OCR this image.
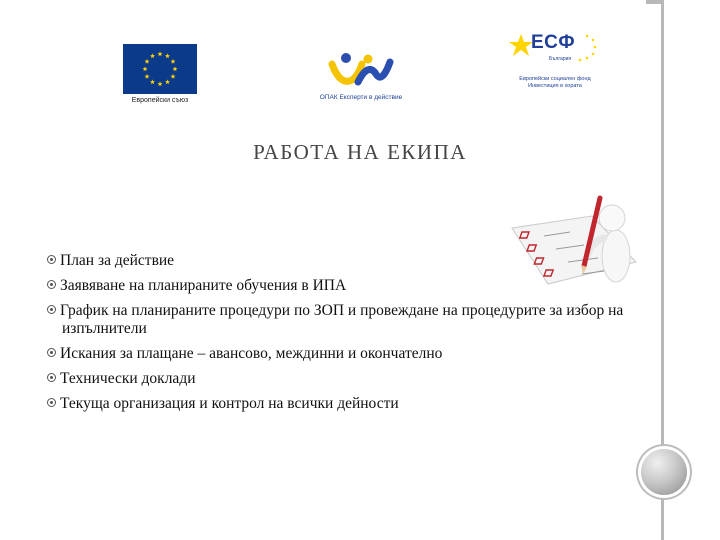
Европейски съюз	ОПАК Експерти в действие
ЕСФ
България
Европейски социален фонд
Инвестиция в хората
РАБОТА НА ЕКИПА
План за действие
Заявяване на планираните обучения в ИПА
График на планираните процедури по ЗОП и провеждане на процедурите за избор на изпълнители
Искания за плащане – авансово, междинни и окончателно
Технически доклади
Текуща организация и контрол на всички дейности
